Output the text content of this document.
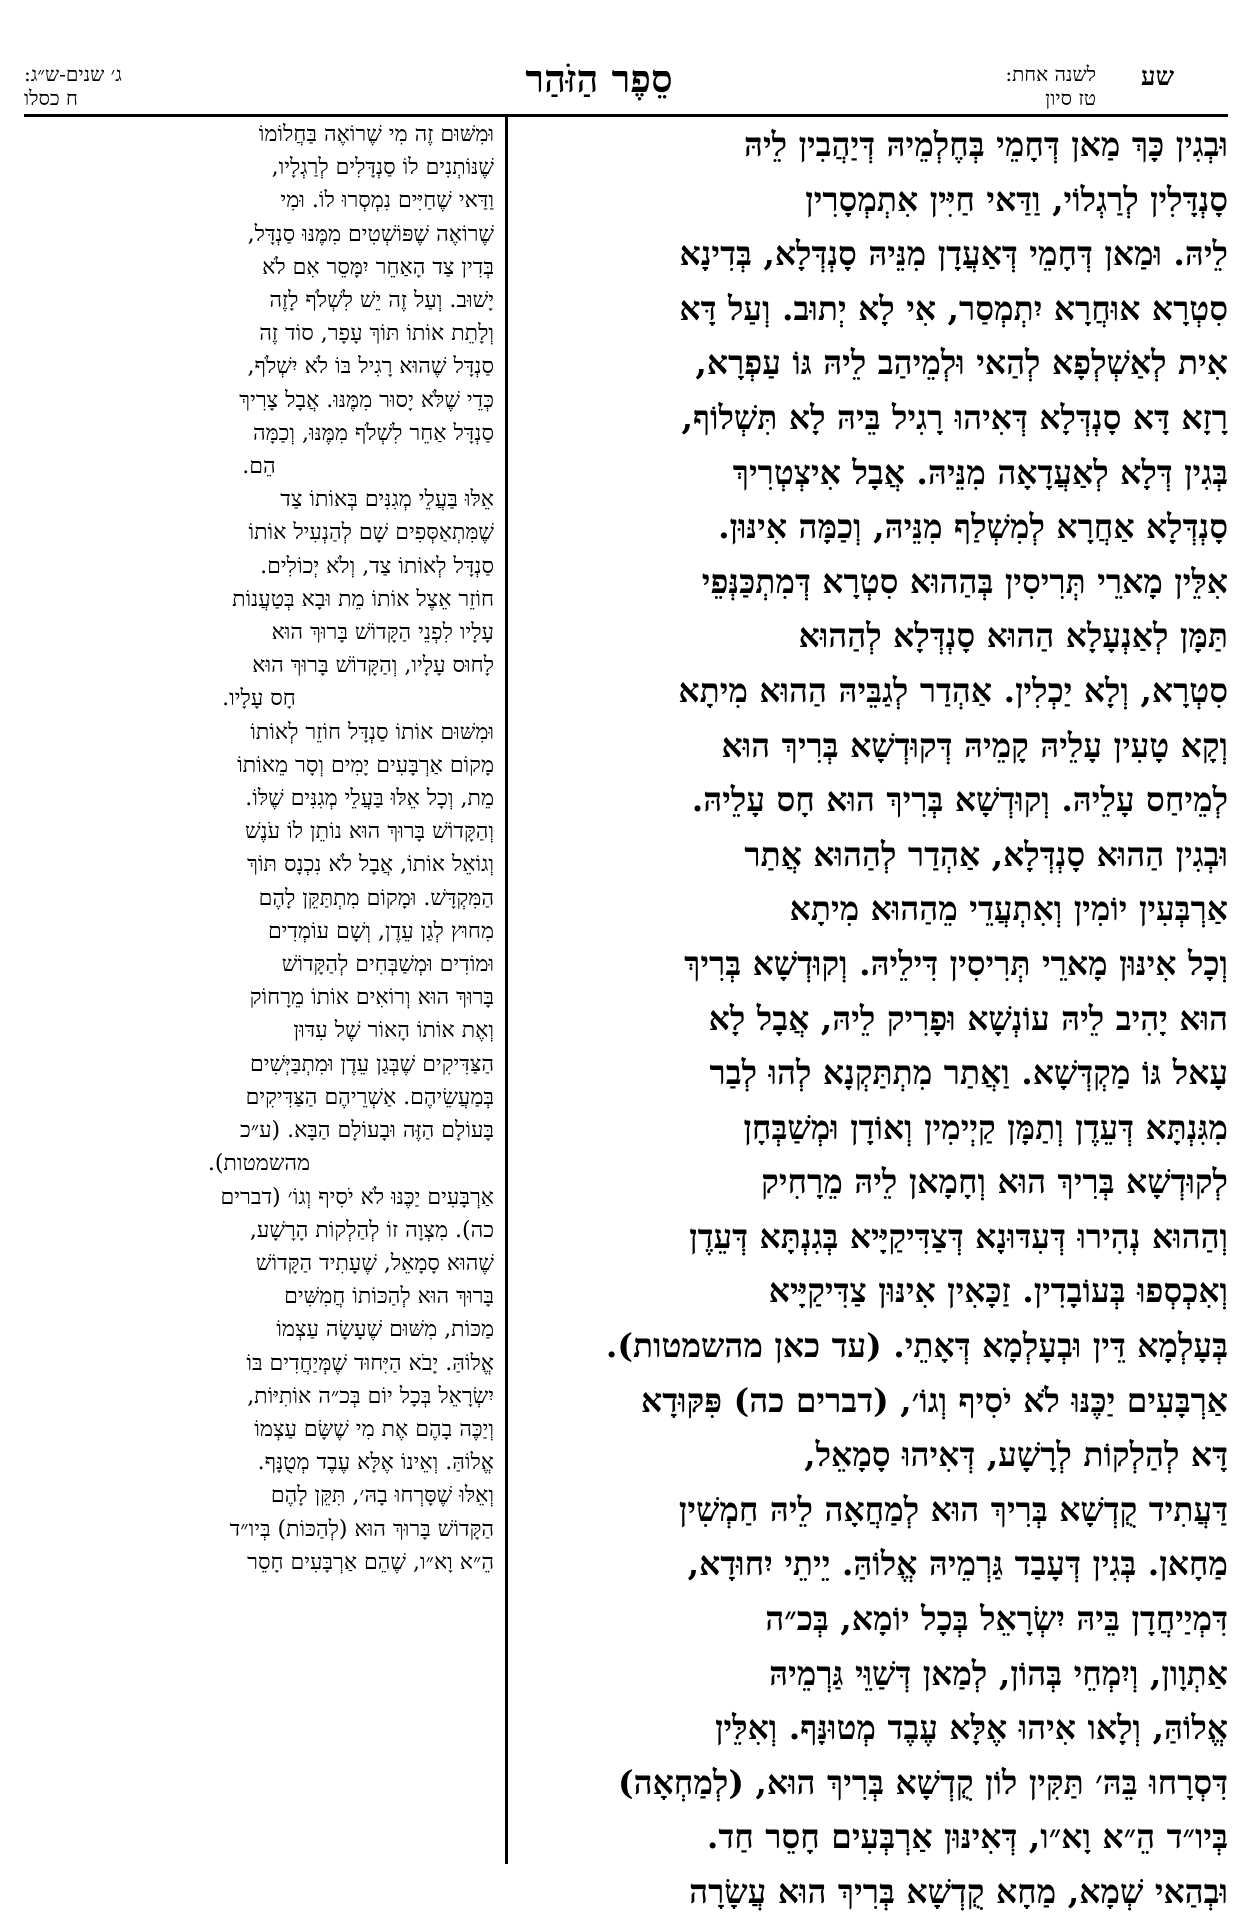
שע
לשנה אחת:
טז סיון
סֵפֶר הַזֹּהַר
ג׳ שנים-ש״ג:
ח כסלו

וּבְגִין כָּךְ מַאן דְּחָמֵי בְּחֶלְמֵיהּ דְּיַהֲבִין לֵיהּ

סָנְדָּלִין לְרַגְלוֹי, וַדַּאי חַיִּין אִתְמְסָרִין

לֵיהּ. וּמַאן דְּחָמֵי דְּאַעֲדָן מִנֵּיהּ סָנְדְּלָא, בְּדִינָא

סִטְרָא אוּחֲרָא יִתְמְסַר, אִי לָא יְתוּב. וְעַל דָּא

אִית לְאַשְׁלְפָא לְהַאי וּלְמֵיהַב לֵיהּ גּוֹ עַפְרָא,

רָזָא דָּא סָנְדְּלָא דְּאִיהוּ רָגִיל בֵּיהּ לָא תִּשְׁלוֹף,

בְּגִין דְּלָא לְאַעֲדָאָה מִנֵּיהּ. אֲבָל אִיצְטְרִיךְ

סָנְדְּלָא אַחֲרָא לְמִשְׁלַף מִנֵּיהּ, וְכַמָּה אִינּוּן.

אִלֵּין מָארֵי תְּרִיסִין בְּהַהוּא סִטְרָא דְּמִתְכַּנְּפֵי

תַּמָּן לְאַנְעָלָא הַהוּא סָנְדְּלָא לְהַהוּא

סִטְרָא, וְלָא יַכְלִין. אַהְדַר לְגַבֵּיהּ הַהוּא מִיתָא

וְקָא טָעִין עָלֵיהּ קָמֵיהּ דְּקוּדְשָׁא בְּרִיךְ הוּא

לְמֵיחַס עָלֵיהּ. וְקוּדְשָׁא בְּרִיךְ הוּא חָס עָלֵיהּ.

וּבְגִין הַהוּא סָנְדְּלָא, אַהְדַר לְהַהוּא אֲתַר

אַרְבְּעִין יוֹמִין וְאִתְעֲדֵי מֵהַהוּא מִיתָא

וְכָל אִינּוּן מָארֵי תְּרִיסִין דִּילֵיהּ. וְקוּדְשָׁא בְּרִיךְ

הוּא יָהִיב לֵיהּ עוֹנְשָׁא וּפָרִיק לֵיהּ, אֲבָל לָא

עָאל גּוֹ מַקְדְּשָׁא. וַאֲתַר מִתְתַּקְנָא לְהוּ לְבַר

מִגִּנְתָּא דְּעֵדֶן וְתַמָּן קַיְימִין וְאוֹדָן וּמְשַׁבְּחָן

לְקוּדְשָׁא בְּרִיךְ הוּא וְחָמָאן לֵיהּ מֵרָחִיק

וְהַהוּא נְהִירוּ דְּעִדּוּנָא דְּצַדִּיקַיָּיא בְּגִנְתָּא דְּעֵדֶן

וְאִכְסְפוּ בְּעוֹבָדִין. זַכָּאִין אִינּוּן צַדִּיקַיָּיא

בְּעָלְמָא דֵּין וּבְעָלְמָא דְּאָתֵי. (עד כאן מהשמטות).

אַרְבָּעִים יַכֶּנּוּ לֹא יֹסִיף וְגוֹ׳, (דברים כה) פִּקּוּדָא

דָּא לְהַלְקוֹת לְרָשָׁע, דְּאִיהוּ סָמָאֵל,

דַּעֲתִיד קֻדְשָׁא בְּרִיךְ הוּא לְמַחֲאָה לֵיהּ חַמְשִׁין

מַחָאן. בְּגִין דְּעָבַד גַּרְמֵיהּ אֱלוֹהַּ. יֵיתֵי יִחוּדָא,

דִּמְיַיחֲדָן בֵּיהּ יִשְׂרָאֵל בְּכָל יוֹמָא, בְּכ״ה

אַתְוָון, וְיִמְחֵי בְּהוֹן, לְמַאן דְּשַׁוֵּי גַּרְמֵיהּ

אֱלוֹהַּ, וְלָאו אִיהוּ אֶלָּא עֶבֶד מְטוּנָּף. וְאִלֵּין

דִּסְרָחוּ בֵּהּ׳ תַּקִּין לוֹן קֻדְשָׁא בְּרִיךְ הוּא, (לְמַחְאָה)

בְּיו״ד הֵ״א וָא״ו, דְּאִינּוּן אַרְבְּעִים חָסֵר חַד.

וּבְהַאי שְׁמָא, מַחָא קֻדְשָׁא בְּרִיךְ הוּא עֲשָׂרָה

וּמִשּׁוּם זֶה מִי שֶׁרוֹאֶה בַּחֲלוֹמוֹ

שֶׁנּוֹתְנִים לוֹ סַנְדָּלִים לְרַגְלָיו,

וַדַּאי שֶׁחַיִּים נִמְסְרוּ לוֹ. וּמִי

שֶׁרוֹאֶה שֶׁפּוֹשְׁטִים מִמֶּנּוּ סַנְדָּל,

בְּדִין צַד הָאַחֵר יִמָּסֵר אִם לֹא

יָשׁוּב. וְעַל זֶה יֵשׁ לִשְׁלֹף לָזֶה

וְלָתֵת אוֹתוֹ תּוֹךְ עָפָר, סוֹד זֶה

סַנְדָּל שֶׁהוּא רָגִיל בּוֹ לֹא יִשְׁלֹף,

כְּדֵי שֶׁלֹּא יָסוּר מִמֶּנּוּ. אֲבָל צָרִיךְ

סַנְדָּל אַחֵר לִשְׁלֹף מִמֶּנּוּ, וְכַמָּה

הֵם.

אֵלּוּ בַּעֲלֵי מְגִנִּים בְּאוֹתוֹ צַד

שֶׁמִּתְאַסְּפִים שָׁם לְהַנְעִיל אוֹתוֹ

סַנְדָּל לְאוֹתוֹ צַד, וְלֹא יְכוֹלִים.

חוֹזֵר אֵצֶל אוֹתוֹ מֵת וּבָא בְּטַעֲנוֹת

עָלָיו לִפְנֵי הַקָּדוֹשׁ בָּרוּךְ הוּא

לָחוּס עָלָיו, וְהַקָּדוֹשׁ בָּרוּךְ הוּא

חָס עָלָיו.

וּמִשּׁוּם אוֹתוֹ סַנְדָּל חוֹזֵר לְאוֹתוֹ

מָקוֹם אַרְבָּעִים יָמִים וְסָר מֵאוֹתוֹ

מֵת, וְכָל אֵלּוּ בַּעֲלֵי מְגִנִּים שֶׁלּוֹ.

וְהַקָּדוֹשׁ בָּרוּךְ הוּא נוֹתֵן לוֹ עֹנֶשׁ

וְגוֹאֵל אוֹתוֹ, אֲבָל לֹא נִכְנָס תּוֹךְ

הַמִּקְדָּשׁ. וּמָקוֹם מִתְתַּקֵּן לָהֶם

מִחוּץ לְגַן עֵדֶן, וְשָׁם עוֹמְדִים

וּמוֹדִים וּמְשַׁבְּחִים לְהַקָּדוֹשׁ

בָּרוּךְ הוּא וְרוֹאִים אוֹתוֹ מֵרָחוֹק

וְאֶת אוֹתוֹ הָאוֹר שֶׁל עִדּוּן

הַצַּדִּיקִים שֶׁבְּגַן עֵדֶן וּמִתְבַּיְּשִׁים

בְּמַעֲשֵׂיהֶם. אַשְׁרֵיהֶם הַצַּדִּיקִים

בָּעוֹלָם הַזֶּה וּבָעוֹלָם הַבָּא. (ע״כ

מהשמטות).

אַרְבָּעִים יַכֶּנּוּ לֹא יֹסִיף וְגוֹ׳ (דברים

כה). מִצְוָה זוֹ לְהַלְקוֹת הָרָשָׁע,

שֶׁהוּא סָמָאֵל, שֶׁעָתִיד הַקָּדוֹשׁ

בָּרוּךְ הוּא לְהַכּוֹתוֹ חֲמִשִּׁים

מַכּוֹת, מִשּׁוּם שֶׁעָשָׂה עַצְמוֹ

אֱלוֹהַּ. יָבֹא הַיִּחוּד שֶׁמְּיַחֲדִים בּוֹ

יִשְׂרָאֵל בְּכָל יוֹם בְּכ״ה אוֹתִיּוֹת,

וְיַכֶּה בָהֶם אֶת מִי שֶׁשָּׂם עַצְמוֹ

אֱלוֹהַּ. וְאֵינוֹ אֶלָּא עֶבֶד מְטֻנָּף.

וְאֵלּוּ שֶׁסָּרְחוּ בָהּ׳, תִּקֵּן לָהֶם

הַקָּדוֹשׁ בָּרוּךְ הוּא (לְהַכּוֹת) בְּיו״ד

הֵ״א וָא״ו, שֶׁהֵם אַרְבָּעִים חָסֵר
